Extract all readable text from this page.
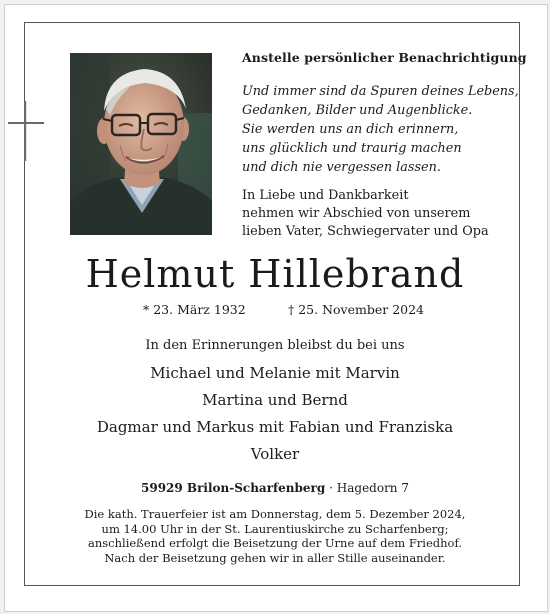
Anstelle persönlicher Benachrichtigung
Und immer sind da Spuren deines Lebens,
Gedanken, Bilder und Augenblicke.
Sie werden uns an dich erinnern,
uns glücklich und traurig machen
und dich nie vergessen lassen.
In Liebe und Dankbarkeit
nehmen wir Abschied von unserem
lieben Vater, Schwiegervater und Opa
Helmut Hillebrand
* 23. März 1932	† 25. November 2024
In den Erinnerungen bleibst du bei uns
Michael und Melanie mit Marvin
Martina und Bernd
Dagmar und Markus mit Fabian und Franziska
Volker
59929 Brilon-Scharfenberg · Hagedorn 7
Die kath. Trauerfeier ist am Donnerstag, dem 5. Dezember 2024,
um 14.00 Uhr in der St. Laurentiuskirche zu Scharfenberg;
anschließend erfolgt die Beisetzung der Urne auf dem Friedhof.
Nach der Beisetzung gehen wir in aller Stille auseinander.
